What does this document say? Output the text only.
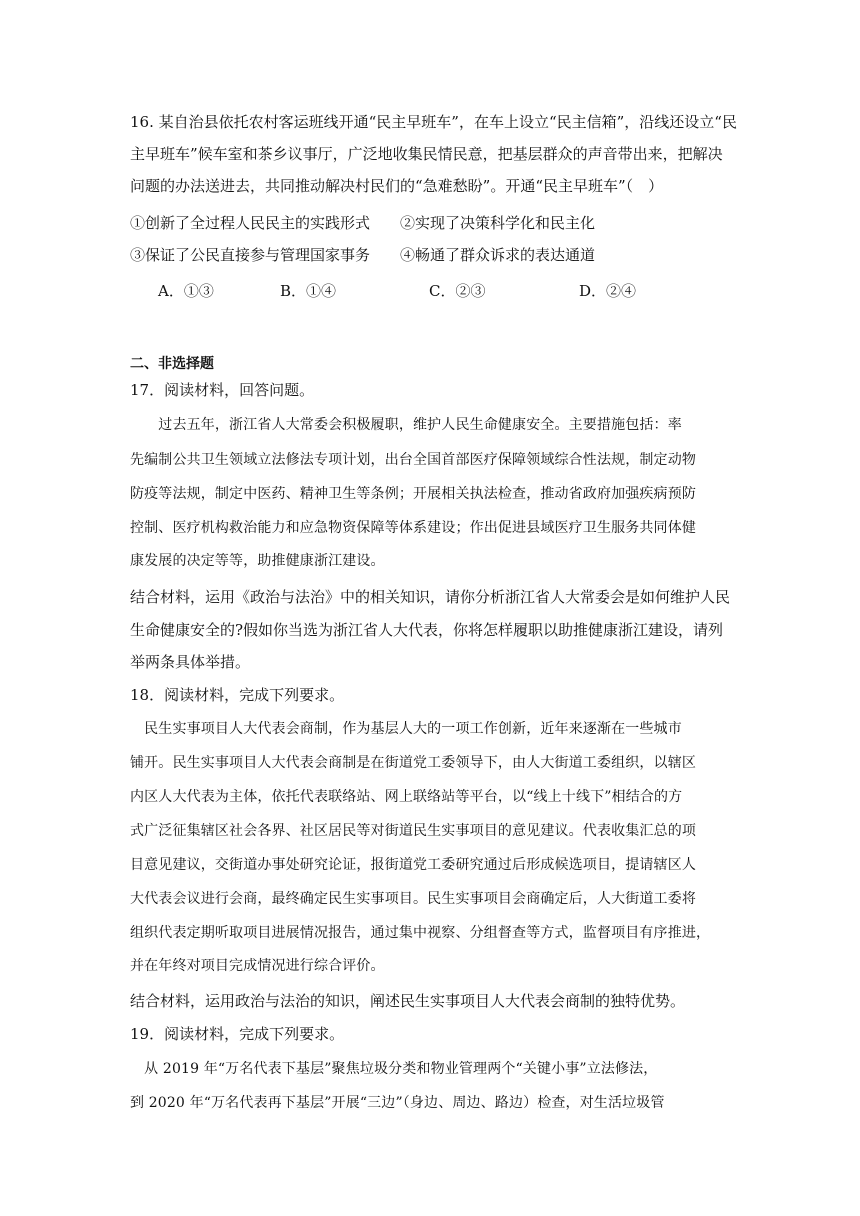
16. 某自治县依托农村客运班线开通“民主早班车”，在车上设立“民主信箱”，沿线还设立“民
主早班车”候车室和茶乡议事厅，广泛地收集民情民意，把基层群众的声音带出来，把解决
问题的办法送进去，共同推动解决村民们的“急难愁盼”。开通“民主早班车”（　）
①创新了全过程人民民主的实践形式　　②实现了决策科学化和民主化
③保证了公民直接参与管理国家事务　　④畅通了群众诉求的表达通道
A．①③	B．①④	C．②③	D．②④
二、非选择题
17．阅读材料，回答问题。
　　过去五年，浙江省人大常委会积极履职，维护人民生命健康安全。主要措施包括：率
先编制公共卫生领域立法修法专项计划，出台全国首部医疗保障领域综合性法规，制定动物
防疫等法规，制定中医药、精神卫生等条例；开展相关执法检查，推动省政府加强疾病预防
控制、医疗机构救治能力和应急物资保障等体系建设；作出促进县域医疗卫生服务共同体健
康发展的决定等等，助推健康浙江建设。
结合材料，运用《政治与法治》中的相关知识，请你分析浙江省人大常委会是如何维护人民
生命健康安全的?假如你当选为浙江省人大代表，你将怎样履职以助推健康浙江建设，请列
举两条具体举措。
18．阅读材料，完成下列要求。
　民生实事项目人大代表会商制，作为基层人大的一项工作创新，近年来逐渐在一些城市
铺开。民生实事项目人大代表会商制是在街道党工委领导下，由人大街道工委组织，以辖区
内区人大代表为主体，依托代表联络站、网上联络站等平台，以“线上十线下”相结合的方
式广泛征集辖区社会各界、社区居民等对街道民生实事项目的意见建议。代表收集汇总的项
目意见建议，交街道办事处研究论证，报街道党工委研究通过后形成候选项目，提请辖区人
大代表会议进行会商，最终确定民生实事项目。民生实事项目会商确定后，人大街道工委将
组织代表定期听取项目进展情况报告，通过集中视察、分组督查等方式，监督项目有序推进，
并在年终对项目完成情况进行综合评价。
结合材料，运用政治与法治的知识，阐述民生实事项目人大代表会商制的独特优势。
19．阅读材料，完成下列要求。
　从 2019 年“万名代表下基层”聚焦垃圾分类和物业管理两个“关键小事”立法修法，
到 2020 年“万名代表再下基层”开展“三边”（身边、周边、路边）检查，对生活垃圾管
